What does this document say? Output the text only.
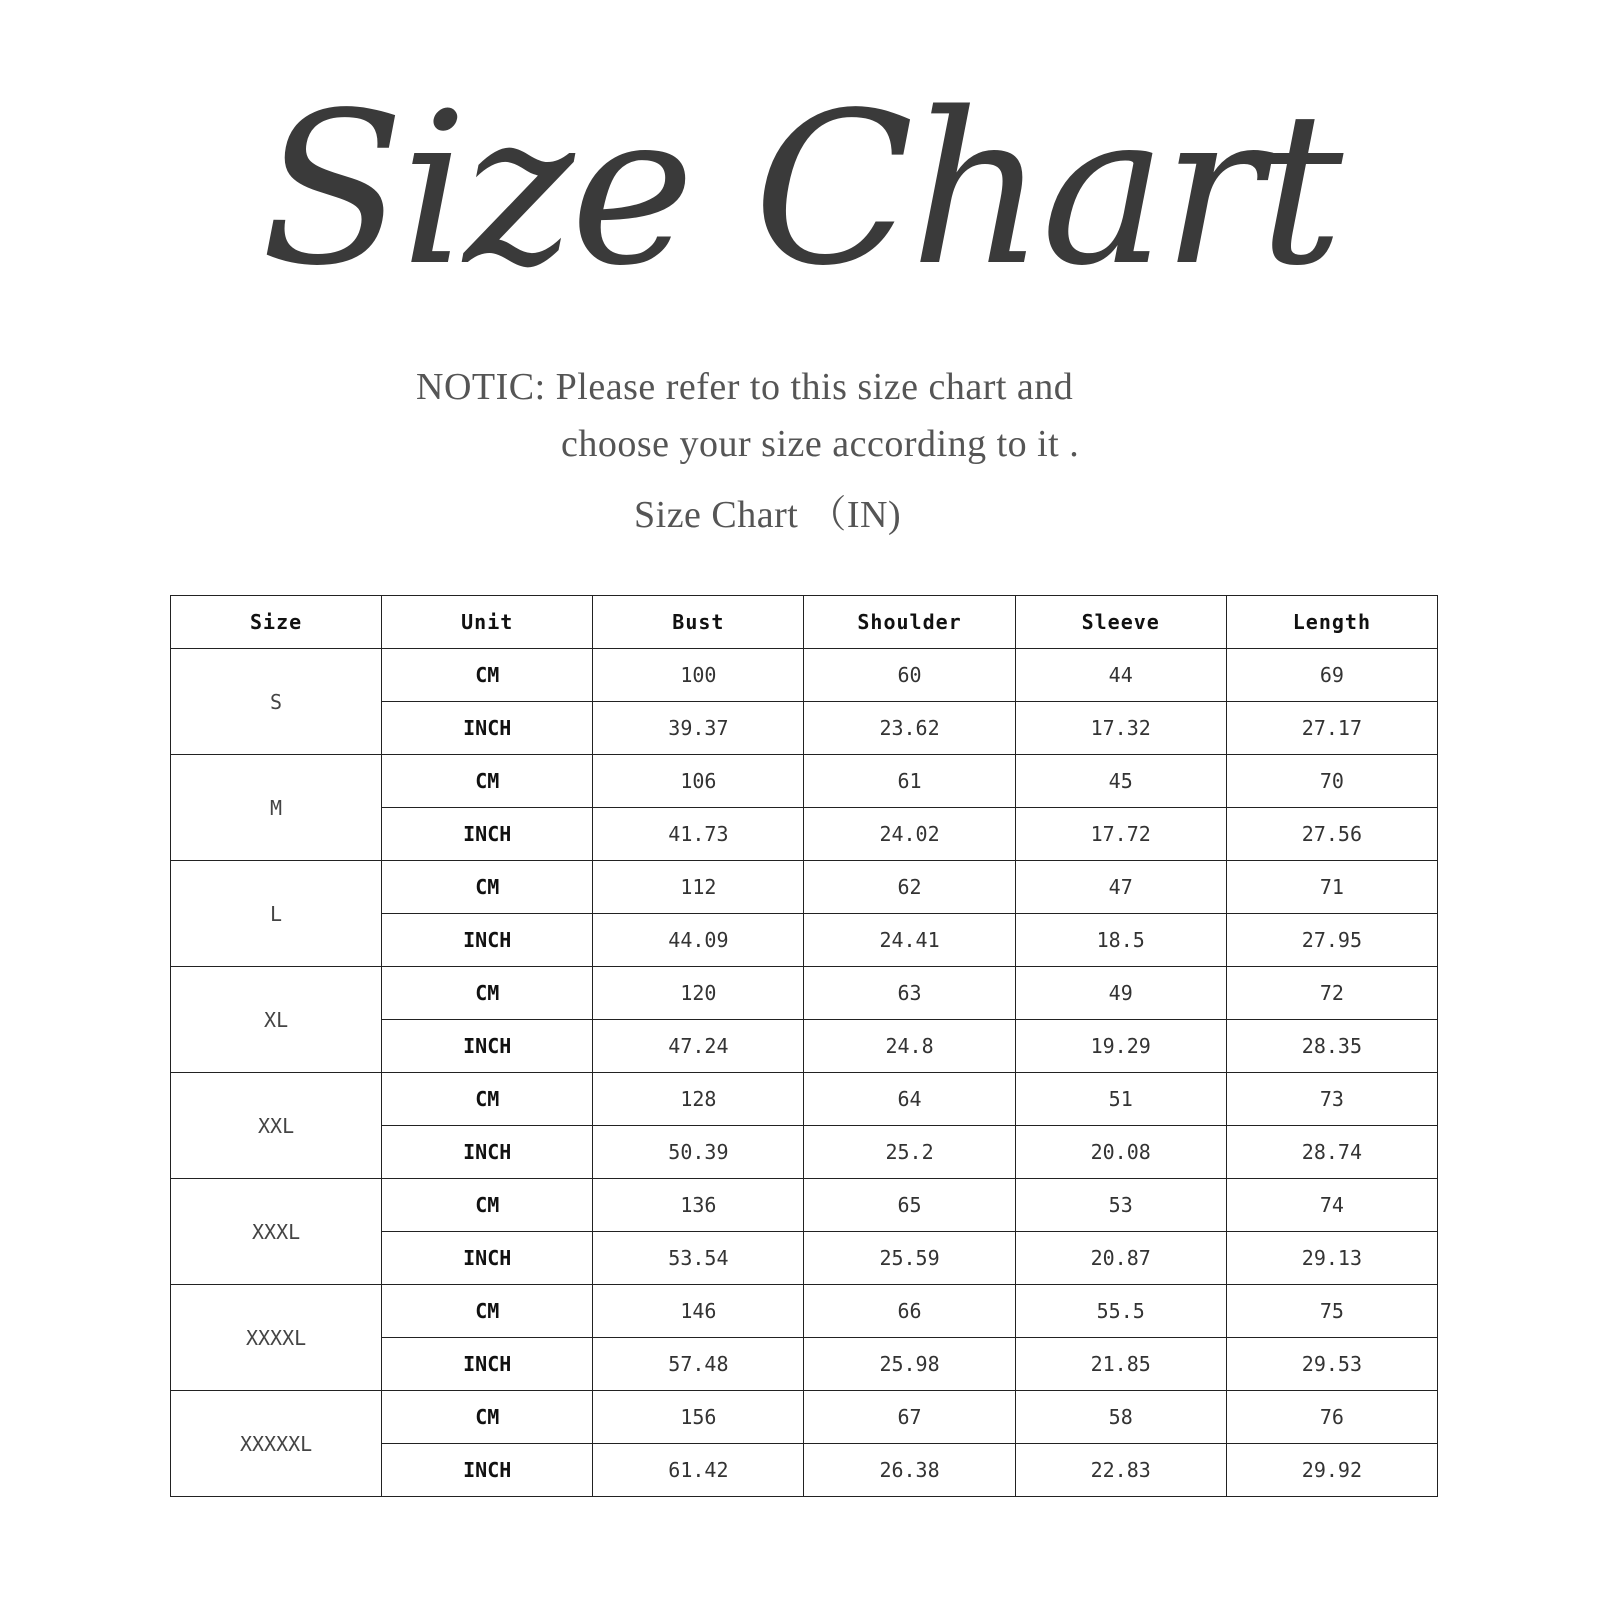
Size Chart

NOTIC: Please refer to this size chart and

choose your size according to it .

Size Chart （IN)

Size	Unit	Bust	Shoulder	Sleeve	Length
S	CM	100	60	44	69
	INCH	39.37	23.62	17.32	27.17
M	CM	106	61	45	70
	INCH	41.73	24.02	17.72	27.56
L	CM	112	62	47	71
	INCH	44.09	24.41	18.5	27.95
XL	CM	120	63	49	72
	INCH	47.24	24.8	19.29	28.35
XXL	CM	128	64	51	73
	INCH	50.39	25.2	20.08	28.74
XXXL	CM	136	65	53	74
	INCH	53.54	25.59	20.87	29.13
XXXXL	CM	146	66	55.5	75
	INCH	57.48	25.98	21.85	29.53
XXXXXL	CM	156	67	58	76
	INCH	61.42	26.38	22.83	29.92
